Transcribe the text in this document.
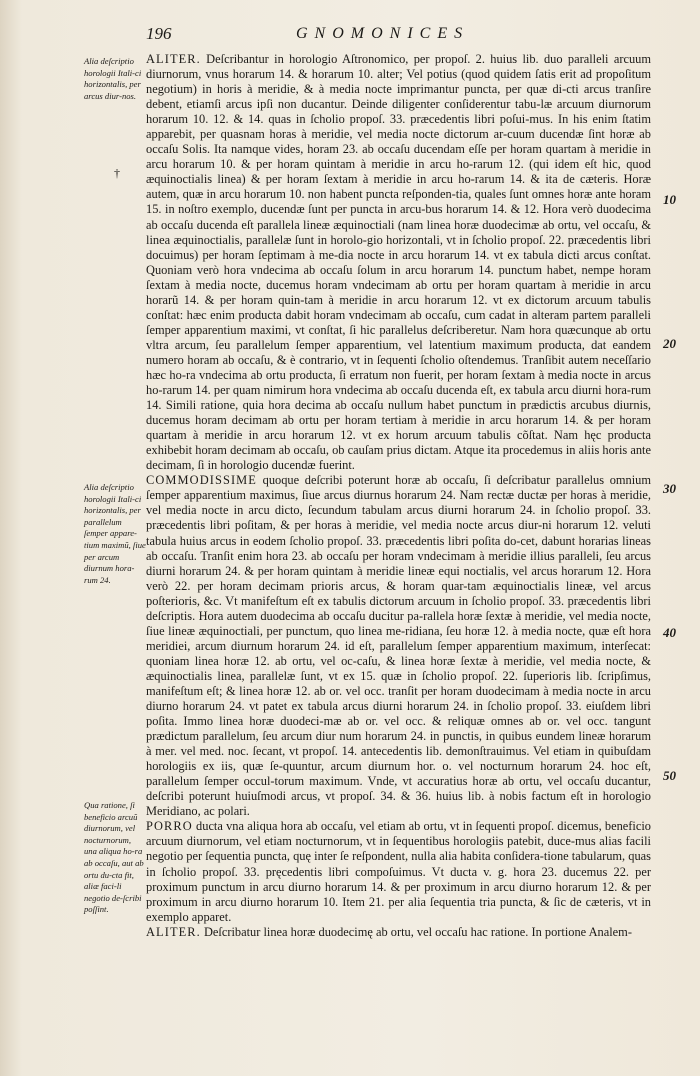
196	GNOMONICES
Alia deſcriptio horologii Itali-ci horizontalis, per arcus diur-nos.
Alia deſcriptio horologii Itali-ci horizontalis, per parallelum ſemper appare-tium maximũ, ſiue per arcum diurnum hora-rum 24.
Qua ratione, ſi beneficio arcuũ diurnorum, vel nocturnorum, una aliqua ho-ra ab occaſu, aut ab ortu du-cta fit, aliæ faci-li negotio de-ſcribi poſſint.
†
10
20
30
40
50

ALITER. Deſcribantur in horologio Aſtronomico, per propoſ. 2. huius lib. duo paralleli arcuum diurnorum, vnus horarum 14. & horarum 10. alter; Vel potius (quod quidem ſatis erit ad propoſitum negotium) in horis à meridie, & à media nocte imprimantur puncta, per quæ di-cti arcus tranſire debent, etiamſi arcus ipſi non ducantur. Deinde diligenter conſiderentur tabu-læ arcuum diurnorum horarum 10. 12. & 14. quas in ſcholio propoſ. 33. præcedentis libri poſui-mus. In his enim ſtatim apparebit, per quasnam horas à meridie, vel media nocte dictorum ar-cuum ducendæ ſint horæ ab occaſu Solis. Ita namque vides, horam 23. ab occaſu ducendam eſſe per horam quartam à meridie in arcu horarum 10. & per horam quintam à meridie in arcu ho-rarum 12. (qui idem eſt hic, quod æquinoctialis linea) & per horam ſextam à meridie in arcu ho-rarum 14. & ita de cæteris. Horæ autem, quæ in arcu horarum 10. non habent puncta reſponden-tia, quales ſunt omnes horæ ante horam 15. in noſtro exemplo, ducendæ ſunt per puncta in arcu-bus horarum 14. & 12. Hora verò duodecima ab occaſu ducenda eſt parallela lineæ æquinoctiali (nam linea horæ duodecimæ ab ortu, vel occaſu, & linea æquinoctialis, parallelæ ſunt in horolo-gio horizontali, vt in ſcholio propoſ. 22. præcedentis libri docuimus) per horam ſeptimam à me-dia nocte in arcu horarum 14. vt ex tabula dicti arcus conſtat. Quoniam verò hora vndecima ab occaſu ſolum in arcu horarum 14. punctum habet, nempe horam ſextam à media nocte, ducemus horam vndecimam ab ortu per horam quartam à meridie in arcu horarũ 14. & per horam quin-tam à meridie in arcu horarum 12. vt ex dictorum arcuum tabulis conſtat: hæc enim producta dabit horam vndecimam ab occaſu, cum cadat in alteram partem paralleli ſemper apparentium maximi, vt conſtat, ſi hic parallelus deſcriberetur. Nam hora quæcunque ab ortu vltra arcum, ſeu parallelum ſemper apparentium, vel latentium maximum producta, dat eandem numero horam ab occaſu, & è contrario, vt in ſequenti ſcholio oſtendemus. Tranſibit autem neceſſario hæc ho-ra vndecima ab ortu producta, ſi erratum non fuerit, per horam ſextam à media nocte in arcus ho-rarum 14. per quam nimirum hora vndecima ab occaſu ducenda eſt, ex tabula arcu diurni hora-rum 14. Simili ratione, quia hora decima ab occaſu nullum habet punctum in prædictis arcubus diurnis, ducemus horam decimam ab ortu per horam tertiam à meridie in arcu horarum 14. & per horam quartam à meridie in arcu horarum 12. vt ex horum arcuum tabulis cõſtat. Nam hęc producta exhibebit horam decimam ab occaſu, ob cauſam prius dictam. Atque ita procedemus in aliis horis ante decimam, ſi in horologio ducendæ fuerint.

COMMODISSIME quoque deſcribi poterunt horæ ab occaſu, ſi deſcribatur parallelus omnium ſemper apparentium maximus, ſiue arcus diurnus horarum 24. Nam rectæ ductæ per horas à meridie, vel media nocte in arcu dicto, ſecundum tabulam arcus diurni horarum 24. in ſcholio propoſ. 33. præcedentis libri poſitam, & per horas à meridie, vel media nocte arcus diur-ni horarum 12. veluti tabula huius arcus in eodem ſcholio propoſ. 33. præcedentis libri poſita do-cet, dabunt horarias lineas ab occaſu. Tranſit enim hora 23. ab occaſu per horam vndecimam à meridie illius paralleli, ſeu arcus diurni horarum 24. & per horam quintam à meridie lineæ equi noctialis, vel arcus horarum 12. Hora verò 22. per horam decimam prioris arcus, & horam quar-tam æquinoctialis lineæ, vel arcus poſterioris, &c. Vt manifeſtum eſt ex tabulis dictorum arcuum in ſcholio propoſ. 33. præcedentis libri deſcriptis. Hora autem duodecima ab occaſu ducitur pa-rallela horæ ſextæ à meridie, vel media nocte, ſiue lineæ æquinoctiali, per punctum, quo linea me-ridiana, ſeu horæ 12. à media nocte, quæ eſt hora meridiei, arcum diurnum horarum 24. id eſt, parallelum ſemper apparentium maximum, interſecat: quoniam linea horæ 12. ab ortu, vel oc-caſu, & linea horæ ſextæ à meridie, vel media nocte, & æquinoctialis linea, parallelæ ſunt, vt ex 15. quæ in ſcholio propoſ. 22. ſuperioris lib. ſcripſimus, manifeſtum eſt; & linea horæ 12. ab or. vel occ. tranſit per horam duodecimam à media nocte in arcu diurno horarum 24. vt patet ex tabula arcus diurni horarum 24. in ſcholio propoſ. 33. eiuſdem libri poſita. Immo linea horæ duodeci-mæ ab or. vel occ. & reliquæ omnes ab or. vel occ. tangunt prædictum parallelum, ſeu arcum diur num horarum 24. in punctis, in quibus eundem lineæ horarum à mer. vel med. noc. ſecant, vt propoſ. 14. antecedentis lib. demonſtrauimus. Vel etiam in quibuſdam horologiis ex iis, quæ ſe-quuntur, arcum diurnum hor. o. vel nocturnum horarum 24. hoc eſt, parallelum ſemper occul-torum maximum. Vnde, vt accuratius horæ ab ortu, vel occaſu ducantur, deſcribi poterunt huiuſmodi arcus, vt propoſ. 34. & 36. huius lib. à nobis factum eſt in horologio Meridiano, ac polari.

PORRO ducta vna aliqua hora ab occaſu, vel etiam ab ortu, vt in ſequenti propoſ. dicemus, beneficio arcuum diurnorum, vel etiam nocturnorum, vt in ſequentibus horologiis patebit, duce-mus alias facili negotio per ſequentia puncta, quę inter ſe reſpondent, nulla alia habita conſidera-tione tabularum, quas in ſcholio propoſ. 33. pręcedentis libri compoſuimus. Vt ducta v. g. hora 23. ducemus 22. per proximum punctum in arcu diurno horarum 14. & per proximum in arcu diurno horarum 12. & per proximum in arcu diurno horarum 10. Item 21. per alia ſequentia tria puncta, & ſic de cæteris, vt in exemplo apparet.

ALITER. Deſcribatur linea horæ duodecimę ab ortu, vel occaſu hac ratione. In portione Analem-
